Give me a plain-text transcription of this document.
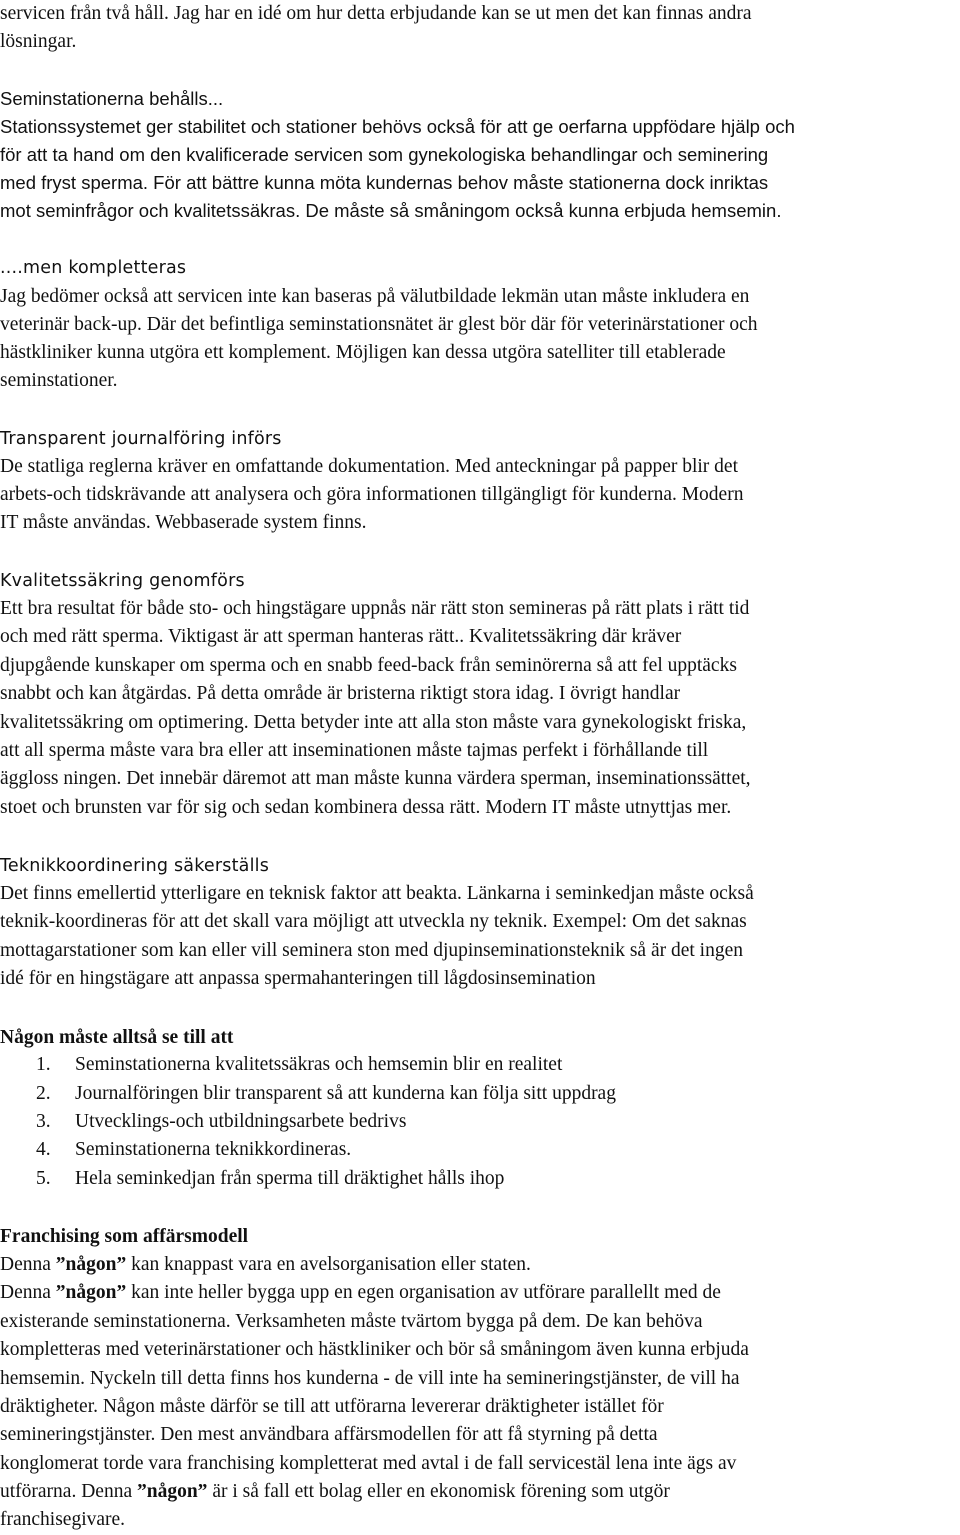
servicen från två håll. Jag har en idé om hur detta erbjudande kan se ut men det kan finnas andra
lösningar.
Seminstationerna behålls...
Stationssystemet ger stabilitet och stationer behövs också för att ge oerfarna uppfödare hjälp och
för att ta hand om den kvalificerade servicen som gynekologiska behandlingar och seminering
med fryst sperma. För att bättre kunna möta kundernas behov måste stationerna dock inriktas
mot seminfrågor och kvalitetssäkras. De måste så småningom också kunna erbjuda hemsemin.
....men kompletteras
Jag bedömer också att servicen inte kan baseras på välutbildade lekmän utan måste inkludera en
veterinär back-up. Där det befintliga seminstationsnätet är glest bör där för veterinärstationer och
hästkliniker kunna utgöra ett komplement. Möjligen kan dessa utgöra satelliter till etablerade
seminstationer.
Transparent journalföring införs
De statliga reglerna kräver en omfattande dokumentation. Med anteckningar på papper blir det
arbets-och tidskrävande att analysera och göra informationen tillgängligt för kunderna. Modern
IT måste användas. Webbaserade system finns.
Kvalitetssäkring genomförs
Ett bra resultat för både sto- och hingstägare uppnås när rätt ston semineras på rätt plats i rätt tid
och med rätt sperma. Viktigast är att sperman hanteras rätt.. Kvalitetssäkring där kräver
djupgående kunskaper om sperma och en snabb feed-back från seminörerna så att fel upptäcks
snabbt och kan åtgärdas. På detta område är bristerna riktigt stora idag. I övrigt handlar
kvalitetssäkring om optimering. Detta betyder inte att alla ston måste vara gynekologiskt friska,
att all sperma måste vara bra eller att inseminationen måste tajmas perfekt i förhållande till
äggloss ningen. Det innebär däremot att man måste kunna värdera sperman, inseminationssättet,
stoet och brunsten var för sig och sedan kombinera dessa rätt. Modern IT måste utnyttjas mer.
Teknikkoordinering säkerställs
Det finns emellertid ytterligare en teknisk faktor att beakta. Länkarna i seminkedjan måste också
teknik-koordineras för att det skall vara möjligt att utveckla ny teknik. Exempel: Om det saknas
mottagarstationer som kan eller vill seminera ston med djupinseminationsteknik så är det ingen
idé för en hingstägare att anpassa spermahanteringen till lågdosinsemination
Någon måste alltså se till att
1. Seminstationerna kvalitetssäkras och hemsemin blir en realitet
2. Journalföringen blir transparent så att kunderna kan följa sitt uppdrag
3. Utvecklings-och utbildningsarbete bedrivs
4. Seminstationerna teknikkordineras.
5. Hela seminkedjan från sperma till dräktighet hålls ihop
Franchising som affärsmodell
Denna ”någon” kan knappast vara en avelsorganisation eller staten.
Denna ”någon” kan inte heller bygga upp en egen organisation av utförare parallellt med de
existerande seminstationerna. Verksamheten måste tvärtom bygga på dem. De kan behöva
kompletteras med veterinärstationer och hästkliniker och bör så småningom även kunna erbjuda
hemsemin. Nyckeln till detta finns hos kunderna - de vill inte ha semineringstjänster, de vill ha
dräktigheter. Någon måste därför se till att utförarna levererar dräktigheter istället för
semineringstjänster. Den mest användbara affärsmodellen för att få styrning på detta
konglomerat torde vara franchising kompletterat med avtal i de fall servicestäl lena inte ägs av
utförarna. Denna ”någon” är i så fall ett bolag eller en ekonomisk förening som utgör
franchisegivare.
